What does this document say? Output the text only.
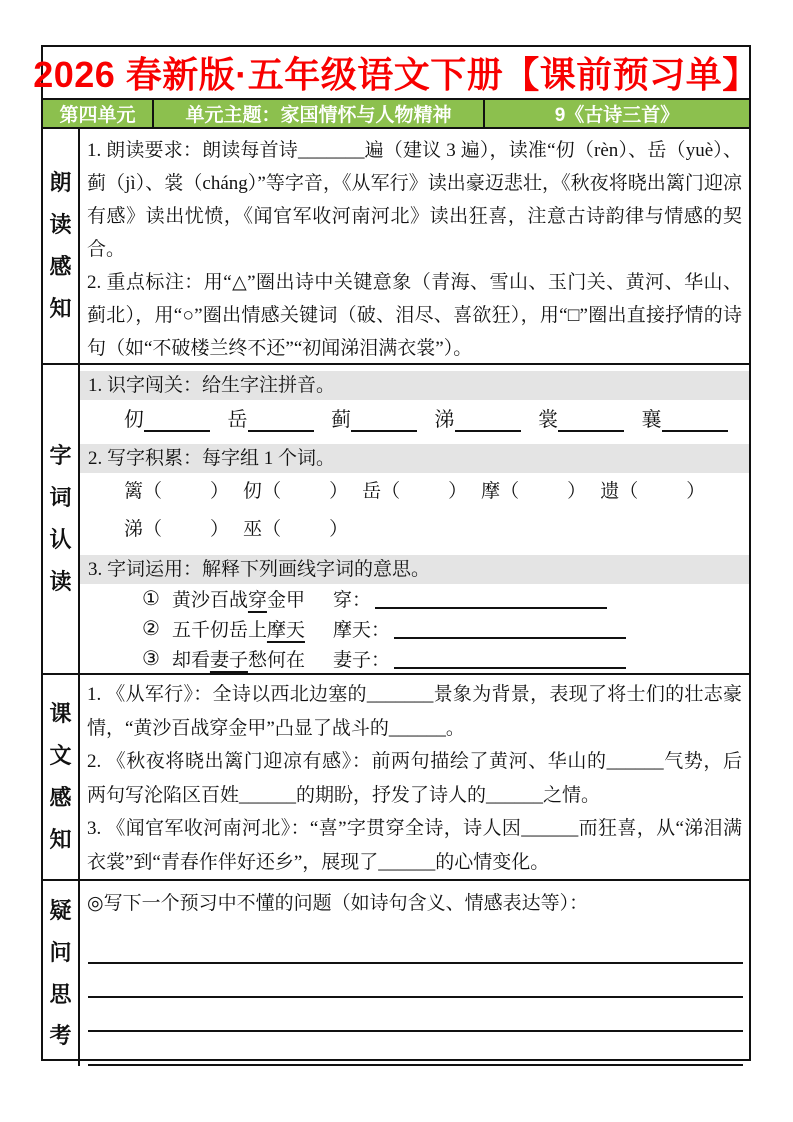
2026 春新版·五年级语文下册【课前预习单】
第四单元	单元主题：家国情怀与人物精神	9《古诗三首》
朗读感知

1. 朗读要求：朗读每首诗_______遍（建议 3 遍），读准“仞（rèn）、岳（yuè）、蓟（jì）、裳（cháng）”等字音，《从军行》读出豪迈悲壮，《秋夜将晓出篱门迎凉有感》读出忧愤，《闻官军收河南河北》读出狂喜，注意古诗韵律与情感的契合。

2. 重点标注：用“△”圈出诗中关键意象（青海、雪山、玉门关、黄河、华山、蓟北），用“○”圈出情感关键词（破、泪尽、喜欲狂），用“□”圈出直接抒情的诗句（如“不破楼兰终不还”“初闻涕泪满衣裳”）。

字词认读
1. 识字闯关：给生字注拼音。
仞	岳	蓟	涕	裳	襄
2. 写字积累：每字组 1 个词。
篱（	） 仞（	） 岳（	） 摩（	） 遗（	）
涕（	） 巫（	）
3. 字词运用：解释下列画线字词的意思。
① 黄沙百战穿金甲 穿：
② 五千仞岳上摩天 摩天：
③ 却看妻子愁何在 妻子：
课文感知

1. 《从军行》：全诗以西北边塞的_______景象为背景，表现了将士们的壮志豪情，“黄沙百战穿金甲”凸显了战斗的______。

2. 《秋夜将晓出篱门迎凉有感》：前两句描绘了黄河、华山的______气势，后两句写沦陷区百姓______的期盼，抒发了诗人的______之情。

3. 《闻官军收河南河北》：“喜”字贯穿全诗，诗人因______而狂喜，从“涕泪满衣裳”到“青春作伴好还乡”，展现了______的心情变化。

疑问思考

◎写下一个预习中不懂的问题（如诗句含义、情感表达等）：
